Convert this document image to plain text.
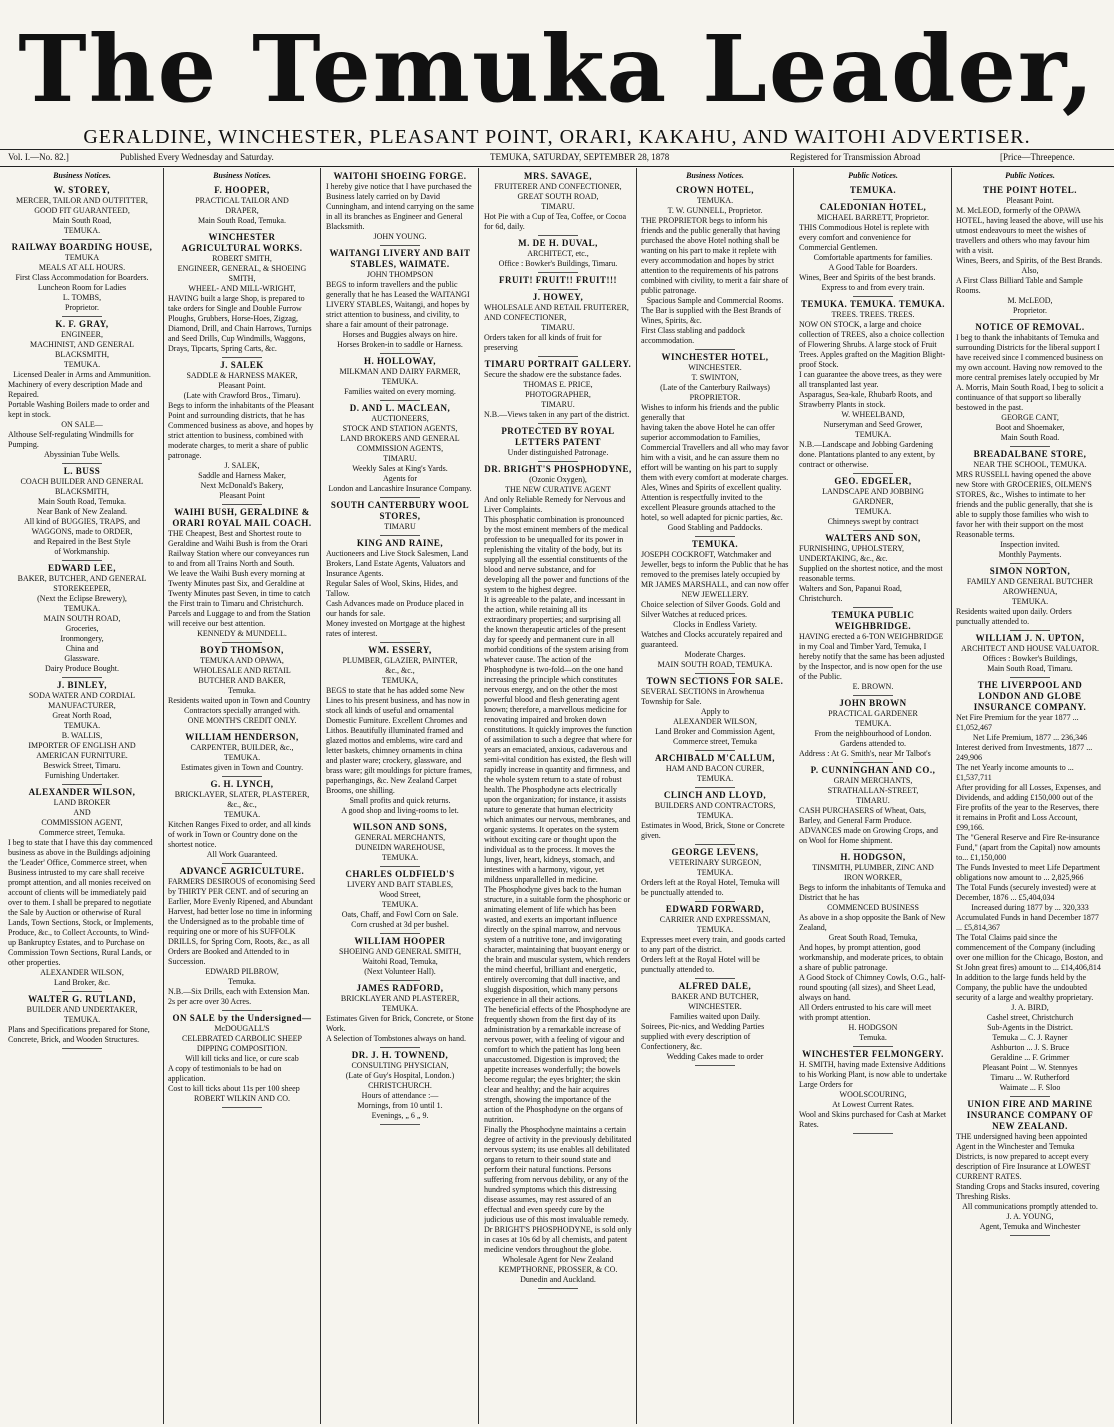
The Temuka Leader,
GERALDINE, WINCHESTER, PLEASANT POINT, ORARI, KAKAHU, AND WAITOHI ADVERTISER.
Vol. I.—No. 82.]	Published Every Wednesday and Saturday.	TEMUKA, SATURDAY, SEPTEMBER 28, 1878	Registered for Transmission Abroad	[Price—Threepence.
Business Notices.
W. STOREY,
MERCER, TAILOR AND OUTFITTER,
GOOD FIT GUARANTEED,
Main South Road,
TEMUKA.
RAILWAY BOARDING HOUSE,
TEMUKA
MEALS AT ALL HOURS.
First Class Accommodation for Boarders.
Luncheon Room for Ladies
L. TOMBS,
Proprietor.
K. F. GRAY,
ENGINEER,
MACHINIST, AND GENERAL
BLACKSMITH,
TEMUKA.
Licensed Dealer in Arms and Ammunition.
Machinery of every description Made and Repaired.
Portable Washing Boilers made to order and kept in stock.
ON SALE—
Althouse Self-regulating Windmills for Pumping.
Abyssinian Tube Wells.
L. BUSS
COACH BUILDER AND GENERAL
BLACKSMITH,
Main South Road, Temuka.
Near Bank of New Zealand.
All kind of BUGGIES, TRAPS, and
WAGGONS, made to ORDER,
and Repaired in the Best Style
of Workmanship.
EDWARD LEE,
BAKER, BUTCHER, AND GENERAL
STOREKEEPER,
(Next the Eclipse Brewery),
TEMUKA.
MAIN SOUTH ROAD,
Groceries,
Ironmongery,
China and
Glassware.
Dairy Produce Bought.
J. BINLEY,
SODA WATER AND CORDIAL
MANUFACTURER,
Great North Road,
TEMUKA.
B. WALLIS,
IMPORTER OF ENGLISH AND
AMERICAN FURNITURE.
Beswick Street, Timaru.
Furnishing Undertaker.
ALEXANDER WILSON,
LAND BROKER
AND
COMMISSION AGENT,
Commerce street, Temuka.
I beg to state that I have this day commenced business as above in the Buildings adjoining the 'Leader' Office, Commerce street, when Business intrusted to my care shall receive prompt attention, and all monies received on account of clients will be immediately paid over to them. I shall be prepared to negotiate the Sale by Auction or otherwise of Rural Lands, Town Sections, Stock, or Implements, Produce, &c., to Collect Accounts, to Wind-up Bankruptcy Estates, and to Purchase on Commission Town Sections, Rural Lands, or other properties.
ALEXANDER WILSON,
Land Broker, &c.
WALTER G. RUTLAND,
BUILDER AND UNDERTAKER,
TEMUKA.
Plans and Specifications prepared for Stone, Concrete, Brick, and Wooden Structures.
Business Notices.
F. HOOPER,
PRACTICAL TAILOR AND
DRAPER,
Main South Road, Temuka.
WINCHESTER AGRICULTURAL WORKS.
ROBERT SMITH,
ENGINEER, GENERAL, & SHOEING
SMITH,
WHEEL- AND MILL-WRIGHT,
HAVING built a large Shop, is prepared to take orders for Single and Double Furrow Ploughs, Grubbers, Horse-Hoes, Zigzag, Diamond, Drill, and Chain Harrows, Turnips and Seed Drills, Cup Windmills, Waggons, Drays, Tipcarts, Spring Carts, &c.
J. SALEK
SADDLE & HARNESS MAKER,
Pleasant Point.
(Late with Crawford Bros., Timaru).
Begs to inform the inhabitants of the Pleasant Point and surrounding districts, that he has Commenced business as above, and hopes by strict attention to business, combined with moderate charges, to merit a share of public patronage.
J. SALEK,
Saddle and Harness Maker,
Next McDonald's Bakery,
Pleasant Point
WAIHI BUSH, GERALDINE & ORARI ROYAL MAIL COACH.
THE Cheapest, Best and Shortest route to Geraldine and Waihi Bush is from the Orari Railway Station where our conveyances run to and from all Trains North and South.
We leave the Waihi Bush every morning at Twenty Minutes past Six, and Geraldine at Twenty Minutes past Seven, in time to catch the First train to Timaru and Christchurch.
Parcels and Luggage to and from the Station will receive our best attention.
KENNEDY & MUNDELL.
BOYD THOMSON,
TEMUKA AND OPAWA,
WHOLESALE AND RETAIL
BUTCHER AND BAKER,
Temuka.
Residents waited upon in Town and Country
Contractors specially arranged with.
ONE MONTH'S CREDIT ONLY.
WILLIAM HENDERSON,
CARPENTER, BUILDER, &c.,
TEMUKA.
Estimates given in Town and Country.
G. H. LYNCH,
BRICKLAYER, SLATER, PLASTERER, &c., &c.,
TEMUKA.
Kitchen Ranges Fixed to order, and all kinds of work in Town or Country done on the shortest notice.
All Work Guaranteed.
ADVANCE AGRICULTURE.
FARMERS DESIROUS of economising Seed by THIRTY PER CENT. and of securing an Earlier, More Evenly Ripened, and Abundant Harvest, had better lose no time in informing the Undersigned as to the probable time of requiring one or more of his SUFFOLK DRILLS, for Spring Corn, Roots, &c., as all Orders are Booked and Attended to in Succession.
EDWARD PILBROW,
Temuka.
N.B.—Six Drills, each with Extension Man. 2s per acre over 30 Acres.
ON SALE by the Undersigned—
McDOUGALL'S
CELEBRATED CARBOLIC SHEEP
DIPPING COMPOSITION.
Will kill ticks and lice, or cure scab
A copy of testimonials to be had on application.
Cost to kill ticks about 11s per 100 sheep
ROBERT WILKIN AND CO.
WAITOHI SHOEING FORGE.
I hereby give notice that I have purchased the Business lately carried on by David Cunningham, and intend carrying on the same in all its branches as Engineer and General Blacksmith.
JOHN YOUNG.
WAITANGI LIVERY AND BAIT STABLES, WAIMATE.
JOHN THOMPSON
BEGS to inform travellers and the public generally that he has Leased the WAITANGI LIVERY STABLES, Waitangi, and hopes by strict attention to business, and civility, to share a fair amount of their patronage.
Horses and Buggies always on hire.
Horses Broken-in to saddle or Harness.
H. HOLLOWAY,
MILKMAN AND DAIRY FARMER,
TEMUKA.
Families waited on every morning.
D. AND L. MACLEAN,
AUCTIONEERS,
STOCK AND STATION AGENTS,
LAND BROKERS AND GENERAL
COMMISSION AGENTS,
TIMARU.
Weekly Sales at King's Yards.
Agents for
London and Lancashire Insurance Company.
SOUTH CANTERBURY WOOL STORES,
TIMARU
KING AND RAINE,
Auctioneers and Live Stock Salesmen, Land Brokers, Land Estate Agents, Valuators and Insurance Agents.
Regular Sales of Wool, Skins, Hides, and Tallow.
Cash Advances made on Produce placed in our hands for sale.
Money invested on Mortgage at the highest rates of interest.
WM. ESSERY,
PLUMBER, GLAZIER, PAINTER,
&c., &c.,
TEMUKA,
BEGS to state that he has added some New Lines to his present business, and has now in stock all kinds of useful and ornamental Domestic Furniture. Excellent Chromes and Lithos. Beautifully illuminated framed and glazed mottos and emblems, wire card and letter baskets, chimney ornaments in china and plaster ware; crockery, glassware, and brass ware; gilt mouldings for picture frames, paperhangings, &c. New Zealand Carpet Brooms, one shilling.
Small profits and quick returns.
A good shop and living-rooms to let.
WILSON AND SONS,
GENERAL MERCHANTS,
DUNEIDN WAREHOUSE,
TEMUKA.
CHARLES OLDFIELD'S
LIVERY AND BAIT STABLES,
Wood Street,
TEMUKA.
Oats, Chaff, and Fowl Corn on Sale.
Corn crushed at 3d per bushel.
WILLIAM HOOPER
SHOEING AND GENERAL SMITH,
Waitohi Road, Temuka,
(Next Volunteer Hall).
JAMES RADFORD,
BRICKLAYER AND PLASTERER,
TEMUKA.
Estimates Given for Brick, Concrete, or Stone Work.
A Selection of Tombstones always on hand.
DR. J. H. TOWNEND,
CONSULTING PHYSICIAN,
(Late of Guy's Hospital, London.)
CHRISTCHURCH.
Hours of attendance :—
Mornings, from 10 until 1.
Evenings, „ 6 „ 9.
MRS. SAVAGE,
FRUITERER AND CONFECTIONER,
GREAT SOUTH ROAD,
TIMARU.
Hot Pie with a Cup of Tea, Coffee, or Cocoa for 6d, daily.
M. DE H. DUVAL,
ARCHITECT, etc.,
Office : Bowker's Buildings, Timaru.
FRUIT! FRUIT!! FRUIT!!!
J. HOWEY,
WHOLESALE AND RETAIL FRUITERER, AND CONFECTIONER,
TIMARU.
Orders taken for all kinds of fruit for preserving
TIMARU PORTRAIT GALLERY.
Secure the shadow ere the substance fades.
THOMAS E. PRICE,
PHOTOGRAPHER,
TIMARU.
N.B.—Views taken in any part of the district.
PROTECTED BY ROYAL LETTERS PATENT
Under distinguished Patronage.
DR. BRIGHT'S PHOSPHODYNE,
(Ozonic Oxygen),
THE NEW CURATIVE AGENT
And only Reliable Remedy for Nervous and Liver Complaints.
This phosphatic combination is pronounced by the most eminent members of the medical profession to be unequalled for its power in replenishing the vitality of the body, but its supplying all the essential constituents of the blood and nerve substance, and for developing all the power and functions of the system to the highest degree.
It is agreeable to the palate, and incessant in the action, while retaining all its extraordinary properties; and surprising all the known therapeutic articles of the present day for speedy and permanent cure in all morbid conditions of the system arising from whatever cause. The action of the Phosphodyne is two-fold—on the one hand increasing the principle which constitutes nervous energy, and on the other the most powerful blood and flesh generating agent known; therefore, a marvellous medicine for renovating impaired and broken down constitutions. It quickly improves the function of assimilation to such a degree that where for years an emaciated, anxious, cadaverous and semi-vital condition has existed, the flesh will rapidly increase in quantity and firmness, and the whole system return to a state of robust health. The Phosphodyne acts electrically upon the organization; for instance, it assists nature to generate that human electricity which animates our nervous, membranes, and organic systems. It operates on the system without exciting care or thought upon the individual as to the process. It moves the lungs, liver, heart, kidneys, stomach, and intestines with a harmony, vigour, yet mildness unparallelled in medicine.
The Phosphodyne gives back to the human structure, in a suitable form the phosphoric or animating element of life which has been wasted, and exerts an important influence directly on the spinal marrow, and nervous system of a nutritive tone, and invigorating character, maintaining that buoyant energy or the brain and muscular system, which renders the mind cheerful, brilliant and energetic, entirely overcoming that dull inactive, and sluggish disposition, which many persons experience in all their actions.
The beneficial effects of the Phosphodyne are frequently shown from the first day of its administration by a remarkable increase of nervous power, with a feeling of vigour and comfort to which the patient has long been unaccustomed. Digestion is improved; the appetite increases wonderfully; the bowels become regular; the eyes brighter; the skin clear and healthy; and the hair acquires strength, showing the importance of the action of the Phosphodyne on the organs of nutrition.
Finally the Phosphodyne maintains a certain degree of activity in the previously debilitated nervous system; its use enables all debilitated organs to return to their sound state and perform their natural functions. Persons suffering from nervous debility, or any of the hundred symptoms which this distressing disease assumes, may rest assured of an effectual and even speedy cure by the judicious use of this most invaluable remedy.
Dr BRIGHT'S PHOSPHODYNE, is sold only in cases at 10s 6d by all chemists, and patent medicine vendors throughout the globe.
Wholesale Agent for New Zealand
KEMPTHORNE, PROSSER, & CO.
Dunedin and Auckland.
Business Notices.
CROWN HOTEL,
TEMUKA.
T. W. GUNNELL, Proprietor.
THE PROPRIETOR begs to inform his friends and the public generally that having purchased the above Hotel nothing shall be wanting on his part to make it replete with every accommodation and hopes by strict attention to the requirements of his patrons combined with civility, to merit a fair share of public patronage.
Spacious Sample and Commercial Rooms.
The Bar is supplied with the Best Brands of Wines, Spirits, &c.
First Class stabling and paddock accommodation.
WINCHESTER HOTEL,
WINCHESTER.
T. SWINTON,
(Late of the Canterbury Railways)
PROPRIETOR.
Wishes to inform his friends and the public generally that
having taken the above Hotel he can offer superior accommodation to Families, Commercial Travellers and all who may favor him with a visit, and he can assure them no effort will be wanting on his part to supply them with every comfort at moderate charges.
Ales, Wines and Spirits of excellent quality.
Attention is respectfully invited to the excellent Pleasure grounds attached to the hotel, so well adapted for picnic parties, &c.
Good Stabling and Paddocks.
TEMUKA.
JOSEPH COCKROFT, Watchmaker and Jeweller, begs to inform the Public that he has removed to the premises lately occupied by MR JAMES MARSHALL, and can now offer
NEW JEWELLERY.
Choice selection of Silver Goods. Gold and Silver Watches at reduced prices.
Clocks in Endless Variety.
Watches and Clocks accurately repaired and guaranteed.
Moderate Charges.
MAIN SOUTH ROAD, TEMUKA.
TOWN SECTIONS FOR SALE.
SEVERAL SECTIONS in Arowhenua Township for Sale.
Apply to
ALEXANDER WILSON,
Land Broker and Commission Agent,
Commerce street, Temuka
ARCHIBALD M'CALLUM,
HAM AND BACON CURER,
TEMUKA.
CLINCH AND LLOYD,
BUILDERS AND CONTRACTORS,
TEMUKA.
Estimates in Wood, Brick, Stone or Concrete given.
GEORGE LEVENS,
VETERINARY SURGEON,
TEMUKA.
Orders left at the Royal Hotel, Temuka will be punctually attended to.
EDWARD FORWARD,
CARRIER AND EXPRESSMAN,
TEMUKA.
Expresses meet every train, and goods carted to any part of the district.
Orders left at the Royal Hotel will be punctually attended to.
ALFRED DALE,
BAKER AND BUTCHER,
WINCHESTER.
Families waited upon Daily.
Soirees, Pic-nics, and Wedding Parties supplied with every description of Confectionery, &c.
Wedding Cakes made to order
Public Notices.
TEMUKA.
CALEDONIAN HOTEL,
MICHAEL BARRETT, Proprietor.
THIS Commodious Hotel is replete with every comfort and convenience for Commercial Gentlemen.
Comfortable apartments for families.
A Good Table for Boarders.
Wines, Beer and Spirits of the best brands.
Express to and from every train.
TEMUKA. TEMUKA. TEMUKA.
TREES. TREES. TREES.
NOW ON STOCK, a large and choice collection of TREES, also a choice collection of Flowering Shrubs. A large stock of Fruit Trees. Apples grafted on the Magition Blight-proof Stock.
I can guarantee the above trees, as they were all transplanted last year.
Asparagus, Sea-kale, Rhubarb Roots, and Strawberry Plants in stock.
W. WHEELBAND,
Nurseryman and Seed Grower,
TEMUKA.
N.B.—Landscape and Jobbing Gardening done. Plantations planted to any extent, by contract or otherwise.
GEO. EDGELER,
LANDSCAPE AND JOBBING
GARDNER,
TEMUKA.
Chimneys swept by contract
WALTERS AND SON,
FURNISHING, UPHOLSTERY, UNDERTAKING, &c., &c.
Supplied on the shortest notice, and the most reasonable terms.
Walters and Son, Papanui Road, Christchurch.
TEMUKA PUBLIC WEIGHBRIDGE.
HAVING erected a 6-TON WEIGHBRIDGE in my Coal and Timber Yard, Temuka, I hereby notify that the same has been adjusted by the Inspector, and is now open for the use of the Public.
E. BROWN.
JOHN BROWN
PRACTICAL GARDENER
TEMUKA.
From the neighbourhood of London.
Gardens attended to.
Address : At G. Smith's, near Mr Talbot's
P. CUNNINGHAN AND CO.,
GRAIN MERCHANTS,
STRATHALLAN-STREET,
TIMARU.
CASH PURCHASERS of Wheat, Oats, Barley, and General Farm Produce.
ADVANCES made on Growing Crops, and on Wool for Home shipment.
H. HODGSON,
TINSMITH, PLUMBER, ZINC AND
IRON WORKER,
Begs to inform the inhabitants of Temuka and District that he has
COMMENCED BUSINESS
As above in a shop opposite the Bank of New Zealand,
Great South Road, Temuka,
And hopes, by prompt attention, good workmanship, and moderate prices, to obtain a share of public patronage.
A Good Stock of Chimney Cowls, O.G., half-round spouting (all sizes), and Sheet Lead, always on hand.
All Orders entrusted to his care will meet with prompt attention.
H. HODGSON
Temuka.
WINCHESTER FELMONGERY.
H. SMITH, having made Extensive Additions to his Working Plant, is now able to undertake Large Orders for
WOOLSCOURING,
At Lowest Current Rates.
Wool and Skins purchased for Cash at Market Rates.
Public Notices.
THE POINT HOTEL.
Pleasant Point.
M. McLEOD, formerly of the OPAWA HOTEL, having leased the above, will use his utmost endeavours to meet the wishes of travellers and others who may favour him with a visit.
Wines, Beers, and Spirits, of the Best Brands.
Also,
A First Class Billiard Table and Sample Rooms.
M. McLEOD,
Proprietor.
NOTICE OF REMOVAL.
I beg to thank the inhabitants of Temuka and surrounding Districts for the liberal support I have received since I commenced business on my own account. Having now removed to the more central premises lately occupied by Mr A. Morris, Main South Road, I beg to solicit a continuance of that support so liberally bestowed in the past.
GEORGE CANT,
Boot and Shoemaker,
Main South Road.
BREADALBANE STORE,
NEAR THE SCHOOL, TEMUKA.
MRS RUSSELL having opened the above new Store with GROCERIES, OILMEN'S STORES, &c., Wishes to intimate to her friends and the public generally, that she is able to supply those families who wish to favor her with their support on the most Reasonable terms.
Inspection invited.
Monthly Payments.
SIMON NORTON,
FAMILY AND GENERAL BUTCHER
AROWHENUA,
TEMUKA.
Residents waited upon daily. Orders punctually attended to.
WILLIAM J. N. UPTON,
ARCHITECT AND HOUSE VALUATOR.
Offices : Bowker's Buildings,
Main South Road, Timaru.
THE LIVERPOOL AND LONDON AND GLOBE INSURANCE COMPANY.
Net Fire Premium for the year 1877 ... £1,052,467
Net Life Premium, 1877 ... 236,346
Interest derived from Investments, 1877 ... 249,906
The net Yearly income amounts to ... £1,537,711
After providing for all Losses, Expenses, and Dividends, and adding £150,000 out of the Fire profits of the year to the Reserves, there it remains in Profit and Loss Account, £99,166.
The "General Reserve and Fire Re-insurance Fund," (apart from the Capital) now amounts to... £1,150,000
The Funds Invested to meet Life Department obligations now amount to ... 2,825,966
The Total Funds (securely invested) were at December, 1876 ... £5,404,034
Increased during 1877 by ... 320,333
Accumulated Funds in hand December 1877 ... £5,814,367
The Total Claims paid since the commencement of the Company (including over one million for the Chicago, Boston, and St John great fires) amount to ... £14,406,814
In addition to the large funds held by the Company, the public have the undoubted security of a large and wealthy proprietary.
J. A. BIRD,
Cashel street, Christchurch
Sub-Agents in the District.
Temuka ... C. J. Rayner
Ashburton ... J. S. Bruce
Geraldine ... F. Grimmer
Pleasant Point ... W. Stennyes
Timaru ... W. Rutherford
Waimate ... F. Sloo
UNION FIRE AND MARINE INSURANCE COMPANY OF NEW ZEALAND.
THE undersigned having been appointed Agent in the Winchester and Temuka Districts, is now prepared to accept every description of Fire Insurance at LOWEST CURRENT RATES.
Standing Crops and Stacks insured, covering Threshing Risks.
All communications promptly attended to.
J. A. YOUNG,
Agent, Temuka and Winchester
